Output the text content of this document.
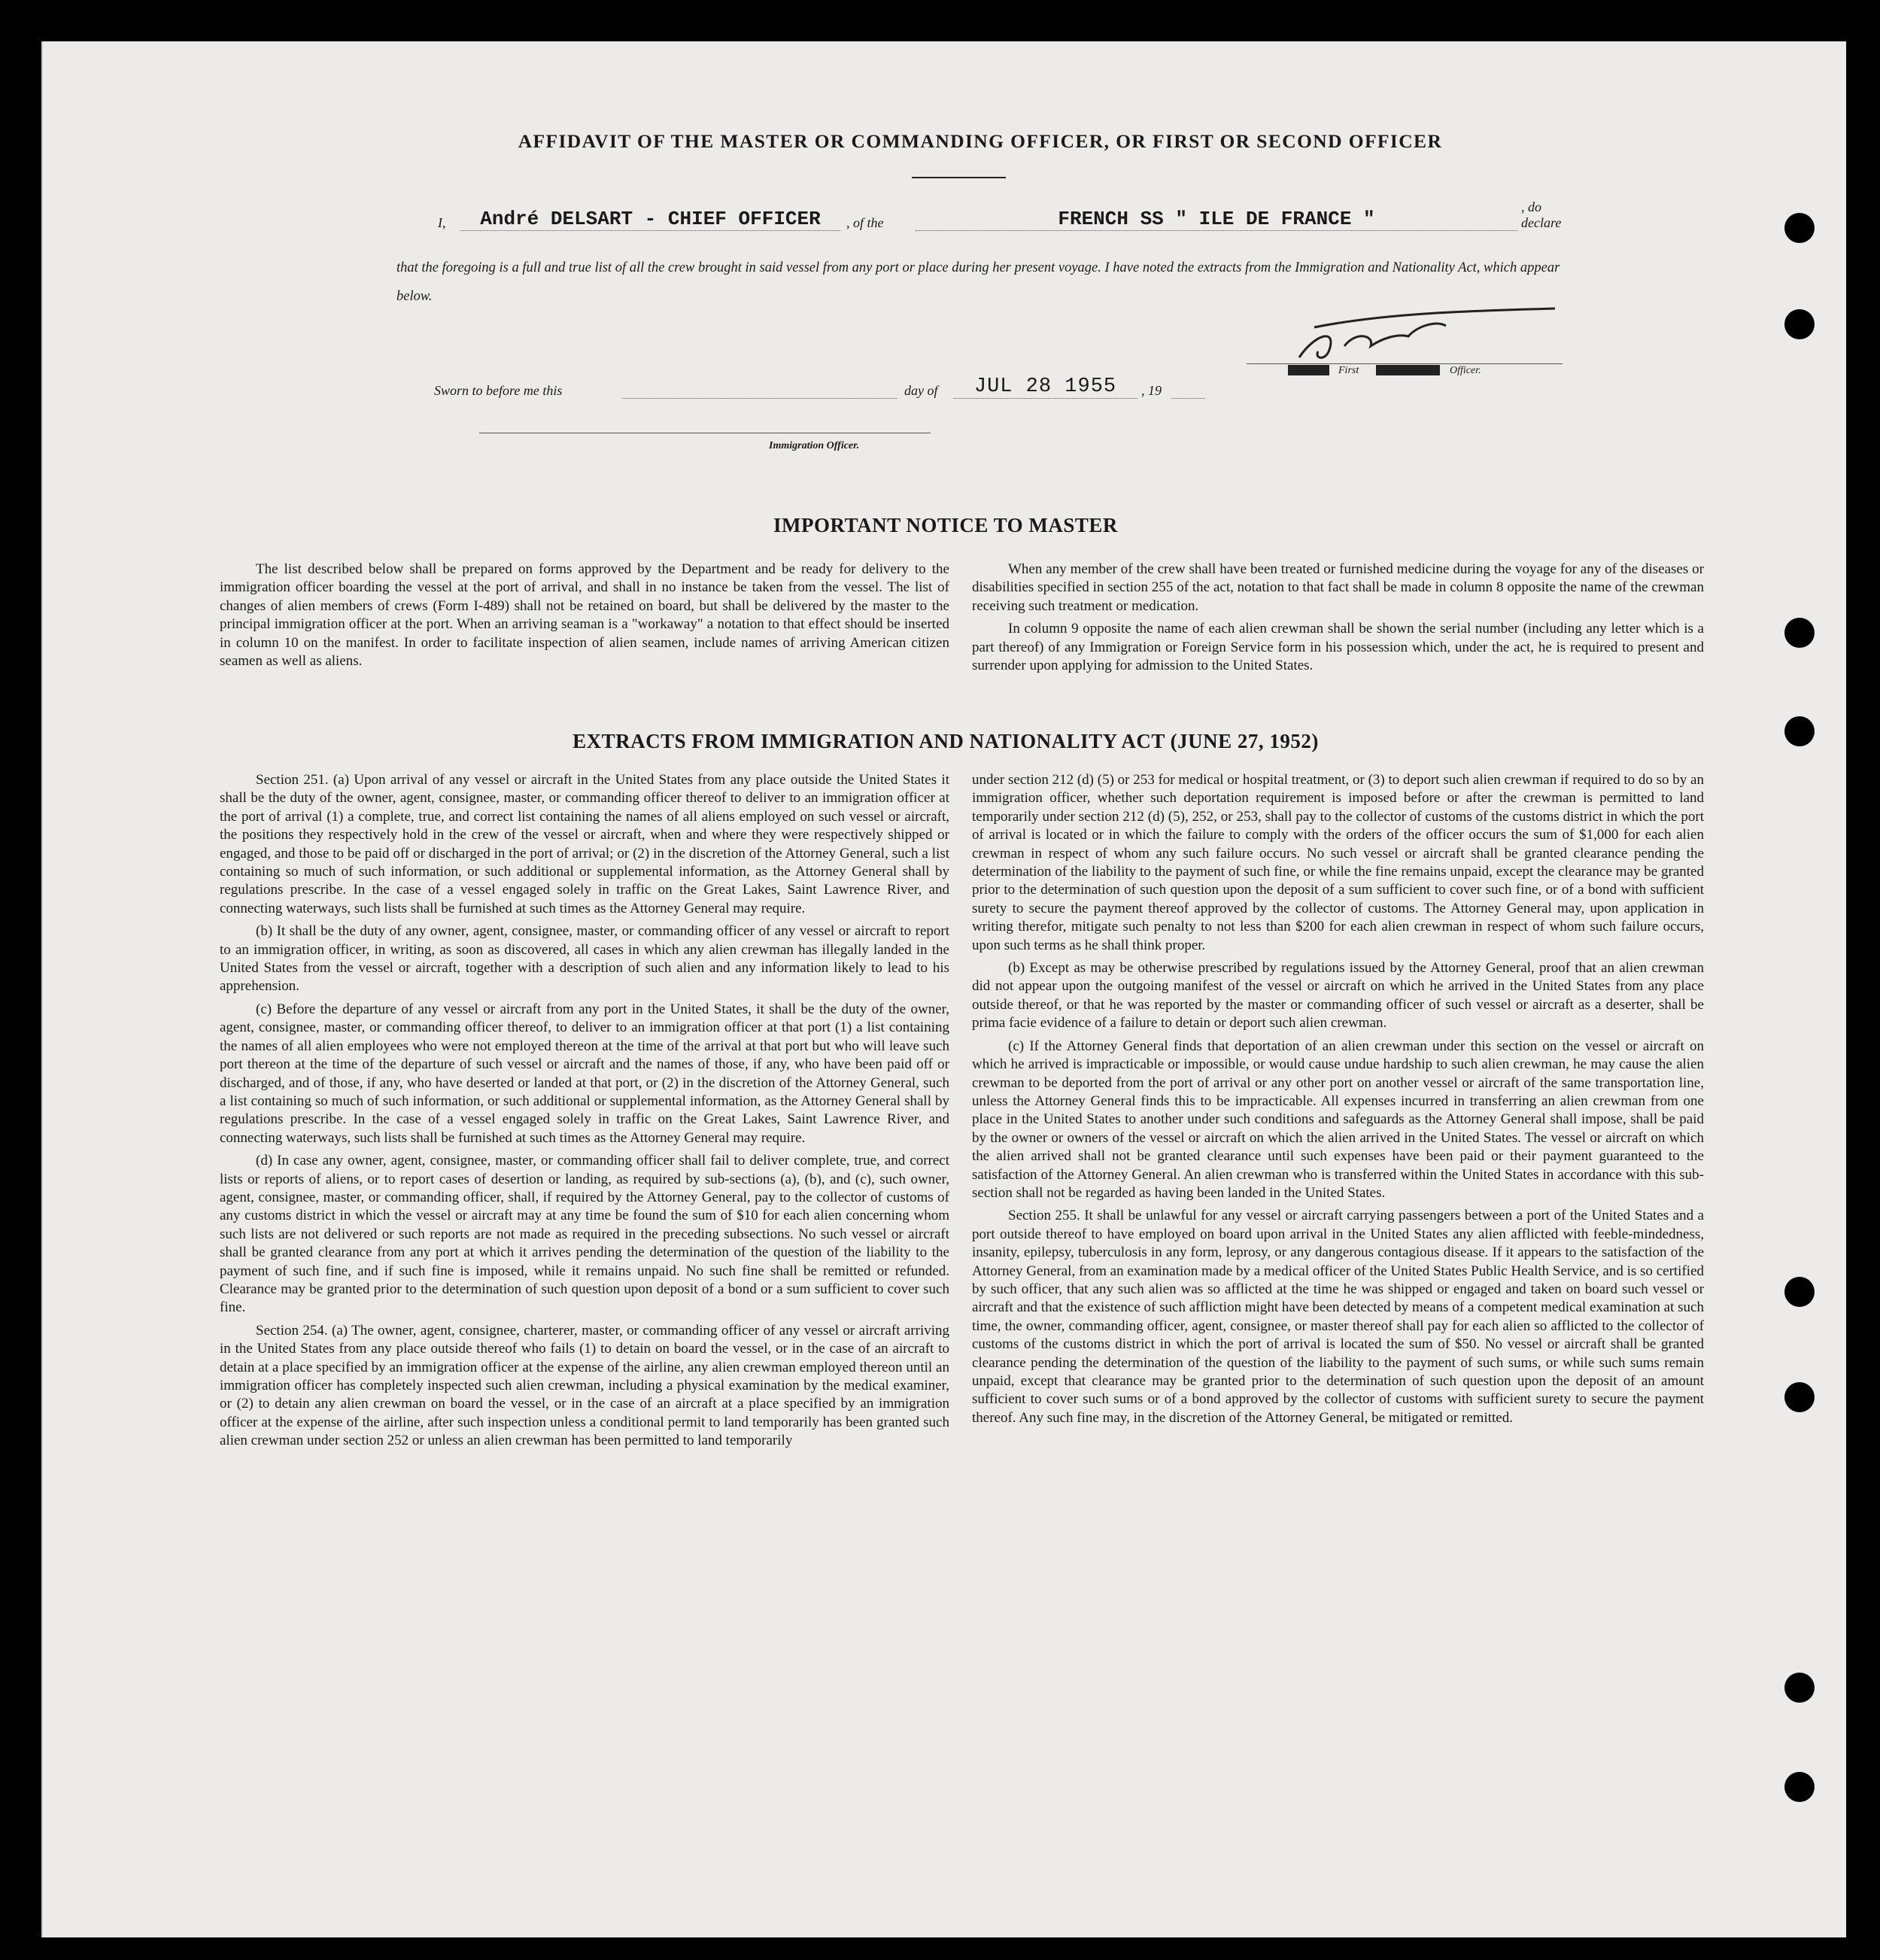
AFFIDAVIT OF THE MASTER OR COMMANDING OFFICER, OR FIRST OR SECOND OFFICER
I,	André DELSART - CHIEF OFFICER	, of the	FRENCH SS " ILE DE FRANCE "
, do declare
that the foregoing is a full and true list of all the crew brought in said vessel from any port or place during her present voyage. I have noted the extracts from the Immigration and Nationality Act, which appear below.
First	Officer.
Sworn to before me this	day of	JUL 28 1955	, 19
Immigration Officer.
IMPORTANT NOTICE TO MASTER

The list described below shall be prepared on forms approved by the Department and be ready for delivery to the immigration officer boarding the vessel at the port of arrival, and shall in no instance be taken from the vessel. The list of changes of alien members of crews (Form I-489) shall not be retained on board, but shall be delivered by the master to the principal immigration officer at the port. When an arriving seaman is a "workaway" a notation to that effect should be inserted in column 10 on the manifest. In order to facilitate inspection of alien seamen, include names of arriving American citizen seamen as well as aliens.

When any member of the crew shall have been treated or furnished medicine during the voyage for any of the diseases or disabilities specified in section 255 of the act, notation to that fact shall be made in column 8 opposite the name of the crewman receiving such treatment or medication.

In column 9 opposite the name of each alien crewman shall be shown the serial number (including any letter which is a part thereof) of any Immigration or Foreign Service form in his possession which, under the act, he is required to present and surrender upon applying for admission to the United States.

EXTRACTS FROM IMMIGRATION AND NATIONALITY ACT (JUNE 27, 1952)

Section 251. (a) Upon arrival of any vessel or aircraft in the United States from any place outside the United States it shall be the duty of the owner, agent, consignee, master, or commanding officer thereof to deliver to an immigration officer at the port of arrival (1) a complete, true, and correct list containing the names of all aliens employed on such vessel or aircraft, the positions they respectively hold in the crew of the vessel or aircraft, when and where they were respectively shipped or engaged, and those to be paid off or discharged in the port of arrival; or (2) in the discretion of the Attorney General, such a list containing so much of such information, or such additional or supplemental information, as the Attorney General shall by regulations prescribe. In the case of a vessel engaged solely in traffic on the Great Lakes, Saint Lawrence River, and connecting waterways, such lists shall be furnished at such times as the Attorney General may require.

(b) It shall be the duty of any owner, agent, consignee, master, or commanding officer of any vessel or aircraft to report to an immigration officer, in writing, as soon as discovered, all cases in which any alien crewman has illegally landed in the United States from the vessel or aircraft, together with a description of such alien and any information likely to lead to his apprehension.

(c) Before the departure of any vessel or aircraft from any port in the United States, it shall be the duty of the owner, agent, consignee, master, or commanding officer thereof, to deliver to an immigration officer at that port (1) a list containing the names of all alien employees who were not employed thereon at the time of the arrival at that port but who will leave such port thereon at the time of the departure of such vessel or aircraft and the names of those, if any, who have been paid off or discharged, and of those, if any, who have deserted or landed at that port, or (2) in the discretion of the Attorney General, such a list containing so much of such information, or such additional or supplemental information, as the Attorney General shall by regulations prescribe. In the case of a vessel engaged solely in traffic on the Great Lakes, Saint Lawrence River, and connecting waterways, such lists shall be furnished at such times as the Attorney General may require.

(d) In case any owner, agent, consignee, master, or commanding officer shall fail to deliver complete, true, and correct lists or reports of aliens, or to report cases of desertion or landing, as required by sub-sections (a), (b), and (c), such owner, agent, consignee, master, or commanding officer, shall, if required by the Attorney General, pay to the collector of customs of any customs district in which the vessel or aircraft may at any time be found the sum of $10 for each alien concerning whom such lists are not delivered or such reports are not made as required in the preceding subsections. No such vessel or aircraft shall be granted clearance from any port at which it arrives pending the determination of the question of the liability to the payment of such fine, and if such fine is imposed, while it remains unpaid. No such fine shall be remitted or refunded. Clearance may be granted prior to the determination of such question upon deposit of a bond or a sum sufficient to cover such fine.

Section 254. (a) The owner, agent, consignee, charterer, master, or commanding officer of any vessel or aircraft arriving in the United States from any place outside thereof who fails (1) to detain on board the vessel, or in the case of an aircraft to detain at a place specified by an immigration officer at the expense of the airline, any alien crewman employed thereon until an immigration officer has completely inspected such alien crewman, including a physical examination by the medical examiner, or (2) to detain any alien crewman on board the vessel, or in the case of an aircraft at a place specified by an immigration officer at the expense of the airline, after such inspection unless a conditional permit to land temporarily has been granted such alien crewman under section 252 or unless an alien crewman has been permitted to land temporarily

under section 212 (d) (5) or 253 for medical or hospital treatment, or (3) to deport such alien crewman if required to do so by an immigration officer, whether such deportation requirement is imposed before or after the crewman is permitted to land temporarily under section 212 (d) (5), 252, or 253, shall pay to the collector of customs of the customs district in which the port of arrival is located or in which the failure to comply with the orders of the officer occurs the sum of $1,000 for each alien crewman in respect of whom any such failure occurs. No such vessel or aircraft shall be granted clearance pending the determination of the liability to the payment of such fine, or while the fine remains unpaid, except the clearance may be granted prior to the determination of such question upon the deposit of a sum sufficient to cover such fine, or of a bond with sufficient surety to secure the payment thereof approved by the collector of customs. The Attorney General may, upon application in writing therefor, mitigate such penalty to not less than $200 for each alien crewman in respect of whom such failure occurs, upon such terms as he shall think proper.

(b) Except as may be otherwise prescribed by regulations issued by the Attorney General, proof that an alien crewman did not appear upon the outgoing manifest of the vessel or aircraft on which he arrived in the United States from any place outside thereof, or that he was reported by the master or commanding officer of such vessel or aircraft as a deserter, shall be prima facie evidence of a failure to detain or deport such alien crewman.

(c) If the Attorney General finds that deportation of an alien crewman under this section on the vessel or aircraft on which he arrived is impracticable or impossible, or would cause undue hardship to such alien crewman, he may cause the alien crewman to be deported from the port of arrival or any other port on another vessel or aircraft of the same transportation line, unless the Attorney General finds this to be impracticable. All expenses incurred in transferring an alien crewman from one place in the United States to another under such conditions and safeguards as the Attorney General shall impose, shall be paid by the owner or owners of the vessel or aircraft on which the alien arrived in the United States. The vessel or aircraft on which the alien arrived shall not be granted clearance until such expenses have been paid or their payment guaranteed to the satisfaction of the Attorney General. An alien crewman who is transferred within the United States in accordance with this sub-section shall not be regarded as having been landed in the United States.

Section 255. It shall be unlawful for any vessel or aircraft carrying passengers between a port of the United States and a port outside thereof to have employed on board upon arrival in the United States any alien afflicted with feeble-mindedness, insanity, epilepsy, tuberculosis in any form, leprosy, or any dangerous contagious disease. If it appears to the satisfaction of the Attorney General, from an examination made by a medical officer of the United States Public Health Service, and is so certified by such officer, that any such alien was so afflicted at the time he was shipped or engaged and taken on board such vessel or aircraft and that the existence of such affliction might have been detected by means of a competent medical examination at such time, the owner, commanding officer, agent, consignee, or master thereof shall pay for each alien so afflicted to the collector of customs of the customs district in which the port of arrival is located the sum of $50. No vessel or aircraft shall be granted clearance pending the determination of the question of the liability to the payment of such sums, or while such sums remain unpaid, except that clearance may be granted prior to the determination of such question upon the deposit of an amount sufficient to cover such sums or of a bond approved by the collector of customs with sufficient surety to secure the payment thereof. Any such fine may, in the discretion of the Attorney General, be mitigated or remitted.
